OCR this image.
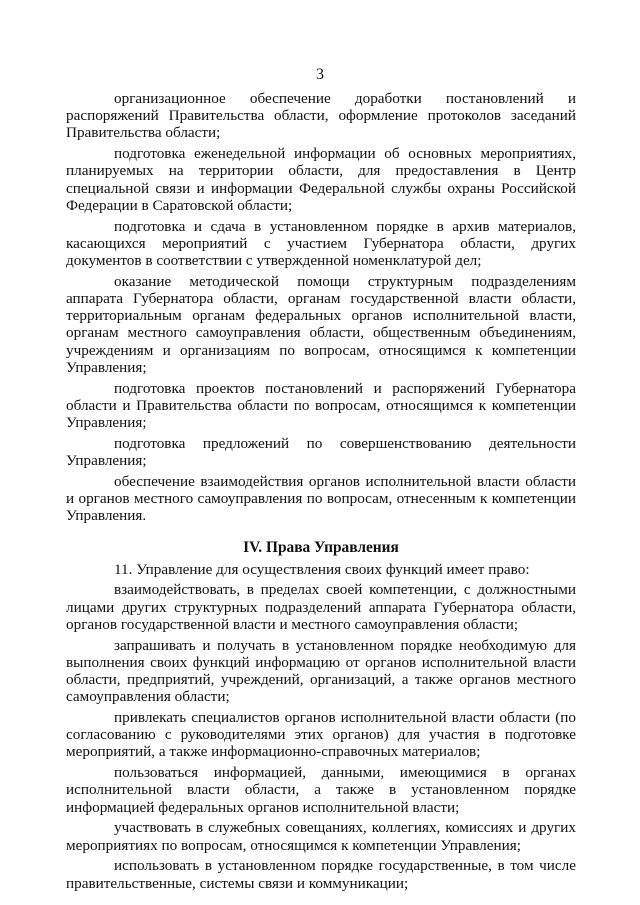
3

организационное обеспечение доработки постановлений и распоряжений Правительства области, оформление протоколов заседаний Правительства области;

подготовка еженедельной информации об основных мероприятиях, планируемых на территории области, для предоставления в Центр специальной связи и информации Федеральной службы охраны Российской Федерации в Саратовской области;

подготовка и сдача в установленном порядке в архив материалов, касающихся мероприятий с участием Губернатора области, других документов в соответствии с утвержденной номенклатурой дел;

оказание методической помощи структурным подразделениям аппарата Губернатора области, органам государственной власти области, территориальным органам федеральных органов исполнительной власти, органам местного самоуправления области, общественным объединениям, учреждениям и организациям по вопросам, относящимся к компетенции Управления;

подготовка проектов постановлений и распоряжений Губернатора области и Правительства области по вопросам, относящимся к компетенции Управления;

подготовка предложений по совершенствованию деятельности Управления;

обеспечение взаимодействия органов исполнительной власти области и органов местного самоуправления по вопросам, отнесенным к компетенции Управления.

IV. Права Управления

11. Управление для осуществления своих функций имеет право:

взаимодействовать, в пределах своей компетенции, с должностными лицами других структурных подразделений аппарата Губернатора области, органов государственной власти и местного самоуправления области;

запрашивать и получать в установленном порядке необходимую для выполнения своих функций информацию от органов исполнительной власти области, предприятий, учреждений, организаций, а также органов местного самоуправления области;

привлекать специалистов органов исполнительной власти области (по согласованию с руководителями этих органов) для участия в подготовке мероприятий, а также информационно-справочных материалов;

пользоваться информацией, данными, имеющимися в органах исполнительной власти области, а также в установленном порядке информацией федеральных органов исполнительной власти;

участвовать в служебных совещаниях, коллегиях, комиссиях и других мероприятиях по вопросам, относящимся к компетенции Управления;

использовать в установленном порядке государственные, в том числе правительственные, системы связи и коммуникации;
